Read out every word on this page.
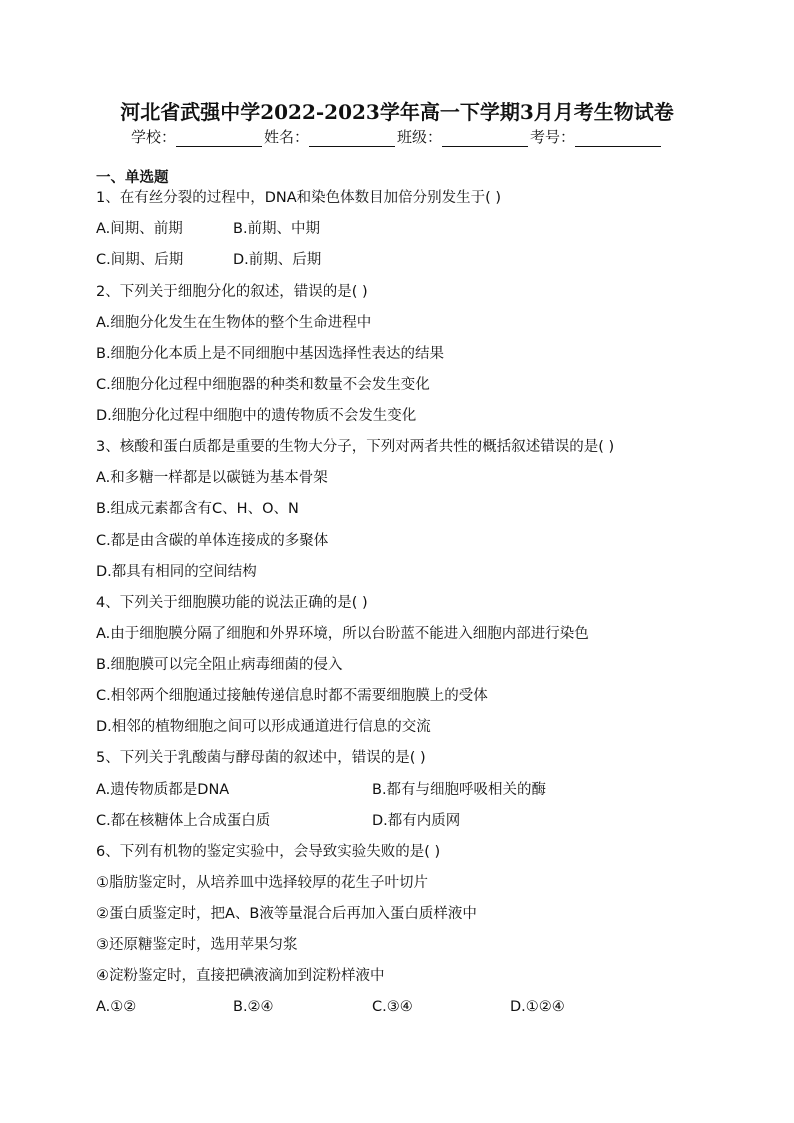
河北省武强中学2022-2023学年高一下学期3月月考生物试卷
学校：	姓名：	班级：	考号：
一、单选题
1、在有丝分裂的过程中，DNA和染色体数目加倍分别发生于( )
A.间期、前期	B.前期、中期
C.间期、后期	D.前期、后期
2、下列关于细胞分化的叙述，错误的是( )
A.细胞分化发生在生物体的整个生命进程中
B.细胞分化本质上是不同细胞中基因选择性表达的结果
C.细胞分化过程中细胞器的种类和数量不会发生变化
D.细胞分化过程中细胞中的遗传物质不会发生变化
3、核酸和蛋白质都是重要的生物大分子，下列对两者共性的概括叙述错误的是( )
A.和多糖一样都是以碳链为基本骨架
B.组成元素都含有C、H、O、N
C.都是由含碳的单体连接成的多聚体
D.都具有相同的空间结构
4、下列关于细胞膜功能的说法正确的是( )
A.由于细胞膜分隔了细胞和外界环境，所以台盼蓝不能进入细胞内部进行染色
B.细胞膜可以完全阻止病毒细菌的侵入
C.相邻两个细胞通过接触传递信息时都不需要细胞膜上的受体
D.相邻的植物细胞之间可以形成通道进行信息的交流
5、下列关于乳酸菌与酵母菌的叙述中，错误的是( )
A.遗传物质都是DNA	B.都有与细胞呼吸相关的酶
C.都在核糖体上合成蛋白质	D.都有内质网
6、下列有机物的鉴定实验中，会导致实验失败的是( )
①脂肪鉴定时，从培养皿中选择较厚的花生子叶切片
②蛋白质鉴定时，把A、B液等量混合后再加入蛋白质样液中
③还原糖鉴定时，选用苹果匀浆
④淀粉鉴定时，直接把碘液滴加到淀粉样液中
A.①②	B.②④	C.③④	D.①②④
